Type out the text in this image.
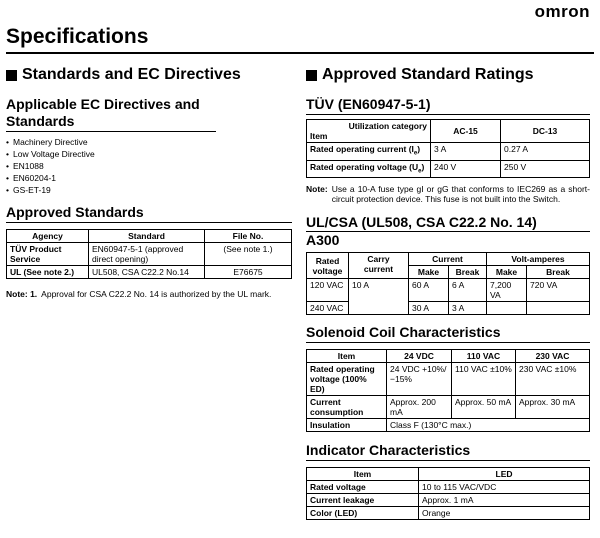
omron
Specifications
Standards and EC Directives
Applicable EC Directives and Standards
• Machinery Directive
• Low Voltage Directive
• EN1088
• EN60204-1
• GS-ET-19
Approved Standards
Agency	Standard	File No.
TÜV Product Service	EN60947-5-1 (approved direct opening)	(See note 1.)
UL (See note 2.)	UL508, CSA C22.2 No.14	E76675
Note: 1. Approval for CSA C22.2 No. 14 is authorized by the UL mark.
Approved Standard Ratings
TÜV (EN60947-5-1)
Utilization category
Item	AC-15	DC-13
Rated operating current $(I_e)$	3 A	0.27 A
Rated operating voltage $(U_e)$	240 V	250 V
Note: Use a 10-A fuse type gI or gG that conforms to IEC269 as a short-circuit protection device. This fuse is not built into the Switch.
UL/CSA (UL508, CSA C22.2 No. 14)
A300
Rated voltage	Carry current	Current		Volt-amperes	
		Make	Break	Make	Break
120 VAC	10 A	60 A	6 A	7,200 VA	720 VA
240 VAC		30 A	3 A		
Solenoid Coil Characteristics
Item	24 VDC	110 VAC	230 VAC
Rated operating voltage (100% ED)	24 VDC +10%/ −15%	110 VAC ±10%	230 VAC ±10%
Current consumption	Approx. 200 mA	Approx. 50 mA	Approx. 30 mA
Insulation	Class F (130°C max.)		
Indicator Characteristics
Item	LED
Rated voltage	10 to 115 VAC/VDC
Current leakage	Approx. 1 mA
Color (LED)	Orange
